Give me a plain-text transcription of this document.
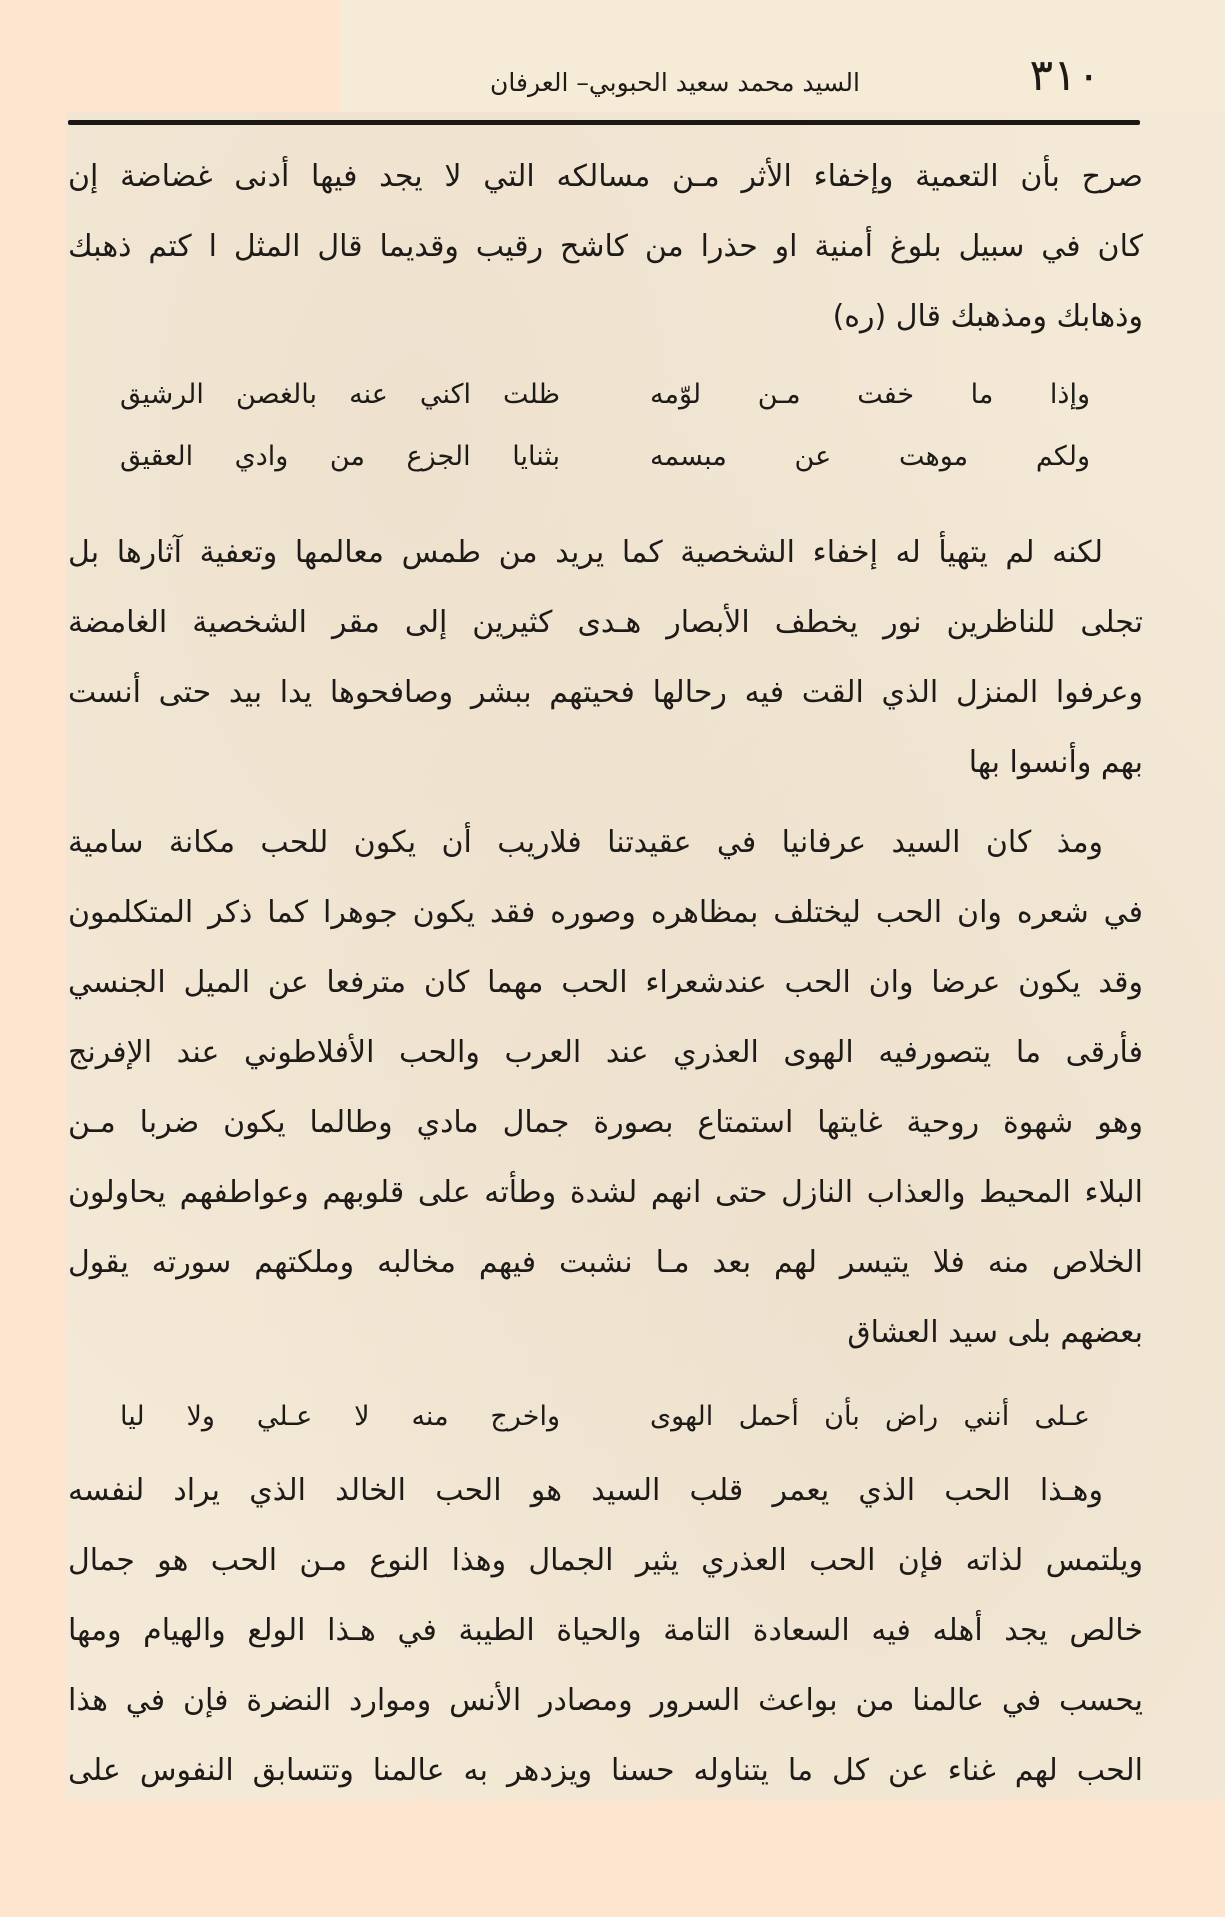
٣١٠
السيد محمد سعيد الحبوبي– العرفان
صرح بأن التعمية وإخفاء الأثر مـن مسالكه التي لا يجد فيها أدنى غضاضة إن
كان في سبيل بلوغ أمنية او حذرا من كاشح رقيب وقديما قال المثل ا كتم ذهبك
وذهابك ومذهبك قال (ره)
وإذا ما خفت مـن لوّمه
ظلت اكني عنه بالغصن الرشيق
ولكم موهت عن مبسمه
بثنايا الجزع من وادي العقيق
لكنه لم يتهيأ له إخفاء الشخصية كما يريد من طمس معالمها وتعفية آثارها بل
تجلى للناظرين نور يخطف الأبصار هـدى كثيرين إلى مقر الشخصية الغامضة
وعرفوا المنزل الذي القت فيه رحالها فحيتهم ببشر وصافحوها يدا بيد حتى أنست
بهم وأنسوا بها
ومذ كان السيد عرفانيا في عقيدتنا فلاريب أن يكون للحب مكانة سامية
في شعره وان الحب ليختلف بمظاهره وصوره فقد يكون جوهرا كما ذكر المتكلمون
وقد يكون عرضا وان الحب عندشعراء الحب مهما كان مترفعا عن الميل الجنسي
فأرقى ما يتصورفيه الهوى العذري عند العرب والحب الأفلاطوني عند الإفرنج
وهو شهوة روحية غايتها استمتاع بصورة جمال مادي وطالما يكون ضربا مـن
البلاء المحيط والعذاب النازل حتى انهم لشدة وطأته على قلوبهم وعواطفهم يحاولون
الخلاص منه فلا يتيسر لهم بعد مـا نشبت فيهم مخالبه وملكتهم سورته يقول
بعضهم بلى سيد العشاق
عـلى أنني راض بأن أحمل الهوى
واخرج منه لا عـلي ولا ليا
وهـذا الحب الذي يعمر قلب السيد هو الحب الخالد الذي يراد لنفسه
ويلتمس لذاته فإن الحب العذري يثير الجمال وهذا النوع مـن الحب هو جمال
خالص يجد أهله فيه السعادة التامة والحياة الطيبة في هـذا الولع والهيام ومها
يحسب في عالمنا من بواعث السرور ومصادر الأنس وموارد النضرة فإن في هذا
الحب لهم غناء عن كل ما يتناوله حسنا ويزدهر به عالمنا وتتسابق النفوس على
